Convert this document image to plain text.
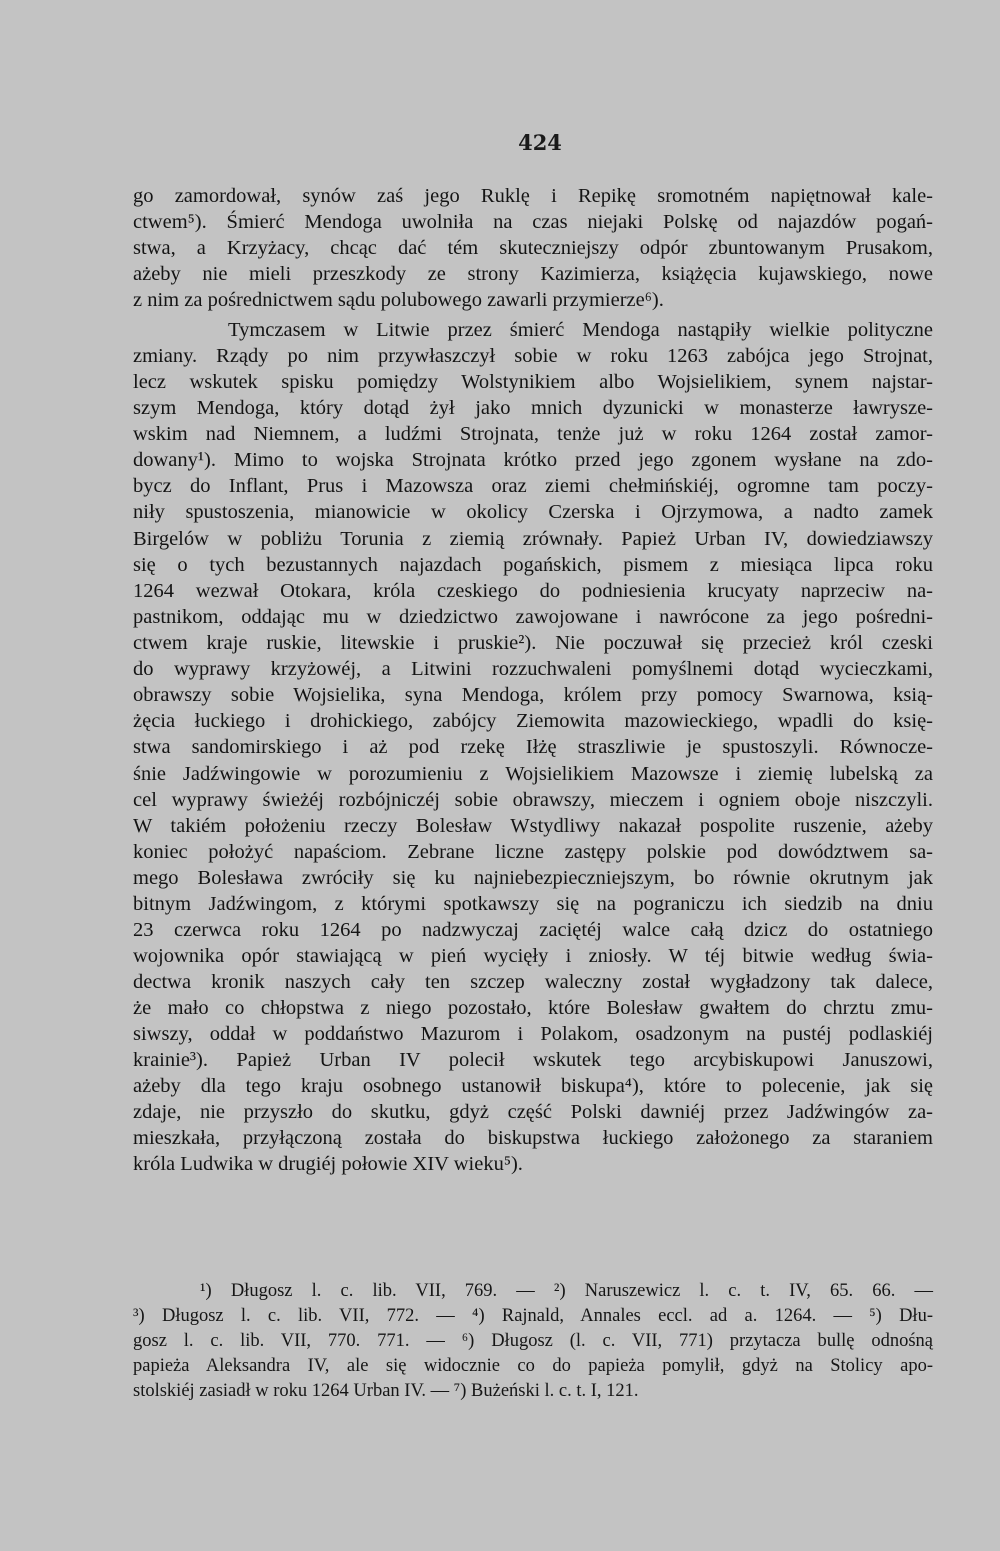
424
go zamordował, synów zaś jego Ruklę i Repikę sromotném napiętnował kale-
ctwem⁵). Śmierć Mendoga uwolniła na czas niejaki Polskę od najazdów pogań-
stwa, a Krzyżacy, chcąc dać tém skuteczniejszy odpór zbuntowanym Prusakom,
ażeby nie mieli przeszkody ze strony Kazimierza, książęcia kujawskiego, nowe
z nim za pośrednictwem sądu polubowego zawarli przymierze⁶).
Tymczasem w Litwie przez śmierć Mendoga nastąpiły wielkie polityczne
zmiany. Rządy po nim przywłaszczył sobie w roku 1263 zabójca jego Strojnat,
lecz wskutek spisku pomiędzy Wolstynikiem albo Wojsielikiem, synem najstar-
szym Mendoga, który dotąd żył jako mnich dyzunicki w monasterze ławrysze-
wskim nad Niemnem, a ludźmi Strojnata, tenże już w roku 1264 został zamor-
dowany¹). Mimo to wojska Strojnata krótko przed jego zgonem wysłane na zdo-
bycz do Inflant, Prus i Mazowsza oraz ziemi chełmińskiéj, ogromne tam poczy-
niły spustoszenia, mianowicie w okolicy Czerska i Ojrzymowa, a nadto zamek
Birgelów w pobliżu Torunia z ziemią zrównały. Papież Urban IV, dowiedziawszy
się o tych bezustannych najazdach pogańskich, pismem z miesiąca lipca roku
1264 wezwał Otokara, króla czeskiego do podniesienia krucyaty naprzeciw na-
pastnikom, oddając mu w dziedzictwo zawojowane i nawrócone za jego pośredni-
ctwem kraje ruskie, litewskie i pruskie²). Nie poczuwał się przecież król czeski
do wyprawy krzyżowéj, a Litwini rozzuchwaleni pomyślnemi dotąd wycieczkami,
obrawszy sobie Wojsielika, syna Mendoga, królem przy pomocy Swarnowa, ksią-
żęcia łuckiego i drohickiego, zabójcy Ziemowita mazowieckiego, wpadli do księ-
stwa sandomirskiego i aż pod rzekę Iłżę straszliwie je spustoszyli. Równocze-
śnie Jadźwingowie w porozumieniu z Wojsielikiem Mazowsze i ziemię lubelską za
cel wyprawy świeżéj rozbójniczéj sobie obrawszy, mieczem i ogniem oboje niszczyli.
W takiém położeniu rzeczy Bolesław Wstydliwy nakazał pospolite ruszenie, ażeby
koniec położyć napaściom. Zebrane liczne zastępy polskie pod dowództwem sa-
mego Bolesława zwróciły się ku najniebezpieczniejszym, bo równie okrutnym jak
bitnym Jadźwingom, z którymi spotkawszy się na pograniczu ich siedzib na dniu
23 czerwca roku 1264 po nadzwyczaj zaciętéj walce całą dzicz do ostatniego
wojownika opór stawiającą w pień wycięły i zniosły. W téj bitwie według świa-
dectwa kronik naszych cały ten szczep waleczny został wygładzony tak dalece,
że mało co chłopstwa z niego pozostało, które Bolesław gwałtem do chrztu zmu-
siwszy, oddał w poddaństwo Mazurom i Polakom, osadzonym na pustéj podlaskiéj
krainie³). Papież Urban IV polecił wskutek tego arcybiskupowi Januszowi,
ażeby dla tego kraju osobnego ustanowił biskupa⁴), które to polecenie, jak się
zdaje, nie przyszło do skutku, gdyż część Polski dawniéj przez Jadźwingów za-
mieszkała, przyłączoną została do biskupstwa łuckiego założonego za staraniem
króla Ludwika w drugiéj połowie XIV wieku⁵).
¹) Długosz l. c. lib. VII, 769. — ²) Naruszewicz l. c. t. IV, 65. 66. —
³) Długosz l. c. lib. VII, 772. — ⁴) Rajnald, Annales eccl. ad a. 1264. — ⁵) Dłu-
gosz l. c. lib. VII, 770. 771. — ⁶) Długosz (l. c. VII, 771) przytacza bullę odnośną
papieża Aleksandra IV, ale się widocznie co do papieża pomylił, gdyż na Stolicy apo-
stolskiéj zasiadł w roku 1264 Urban IV. — ⁷) Bużeński l. c. t. I, 121.
